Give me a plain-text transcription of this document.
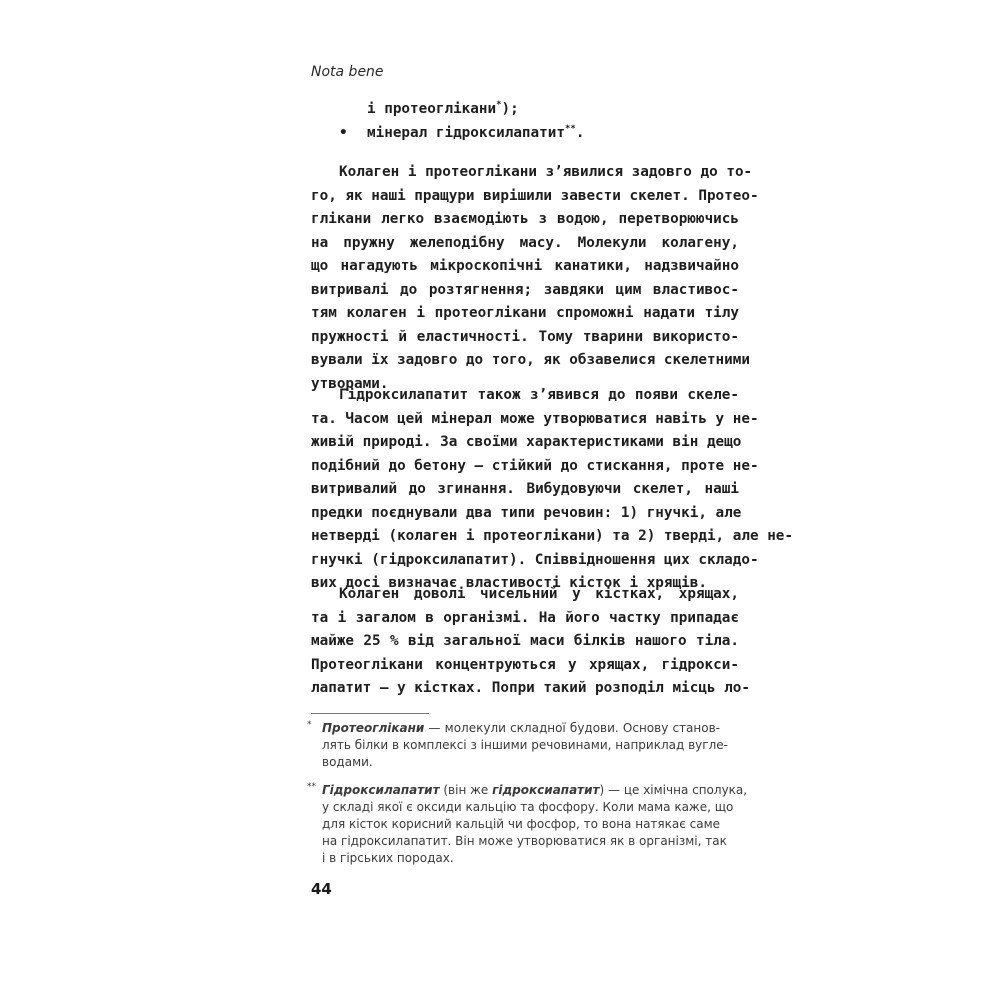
Nota bene
і протеоглікани*);
• мінерал гідроксилапатит**.
Колаген і протеоглікани з’явилися задовго до то-
го, як наші пращури вирішили завести скелет. Протео-
глікани легко взаємодіють з водою, перетворюючись
на пружну желеподібну масу. Молекули колагену,
що нагадують мікроскопічні канатики, надзвичайно
витривалі до розтягнення; завдяки цим властивос-
тям колаген і протеоглікани спроможні надати тілу
пружності й еластичності. Тому тварини використо-
вували їх задовго до того, як обзавелися скелетними
утворами.
Гідроксилапатит також з’явився до появи скеле-
та. Часом цей мінерал може утворюватися навіть у не-
живій природі. За своїми характеристиками він дещо
подібний до бетону — стійкий до стискання, проте не-
витривалий до згинання. Вибудовуючи скелет, наші
предки поєднували два типи речовин: 1) гнучкі, але
нетверді (колаген і протеоглікани) та 2) тверді, але не-
гнучкі (гідроксилапатит). Співвідношення цих складо-
вих досі визначає властивості кісток і хрящів.
Колаген доволі чисельний у кістках, хрящах,
та і загалом в організмі. На його частку припадає
майже 25 % від загальної маси білків нашого тіла.
Протеоглікани концентруються у хрящах, гідрокси-
лапатит — у кістках. Попри такий розподіл місць ло-
* Протеоглікани — молекули складної будови. Основу станов-
лять білки в комплексі з іншими речовинами, наприклад вугле-
водами.
** Гідроксилапатит (він же гідроксиапатит) — це хімічна сполука,
у складі якої є оксиди кальцію та фосфору. Коли мама каже, що
для кісток корисний кальцій чи фосфор, то вона натякає саме
на гідроксилапатит. Він може утворюватися як в організмі, так
і в гірських породах.
44
